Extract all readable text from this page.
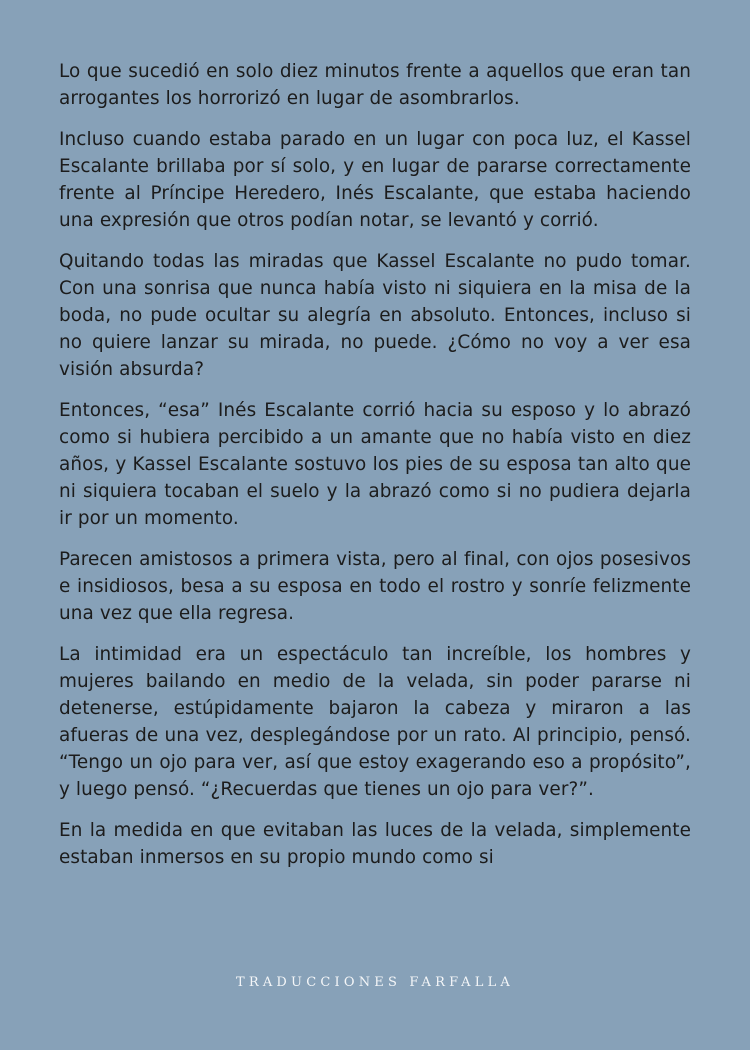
Lo que sucedió en solo diez minutos frente a aquellos que eran tan arrogantes los horrorizó en lugar de asombrarlos.

Incluso cuando estaba parado en un lugar con poca luz, el Kassel Escalante brillaba por sí solo, y en lugar de pararse correctamente frente al Príncipe Heredero, Inés Escalante, que estaba haciendo una expresión que otros podían notar, se levantó y corrió.

Quitando todas las miradas que Kassel Escalante no pudo tomar. Con una sonrisa que nunca había visto ni siquiera en la misa de la boda, no pude ocultar su alegría en absoluto. Entonces, incluso si no quiere lanzar su mirada, no puede. ¿Cómo no voy a ver esa visión absurda?

Entonces, “esa” Inés Escalante corrió hacia su esposo y lo abrazó como si hubiera percibido a un amante que no había visto en diez años, y Kassel Escalante sostuvo los pies de su esposa tan alto que ni siquiera tocaban el suelo y la abrazó como si no pudiera dejarla ir por un momento.

Parecen amistosos a primera vista, pero al final, con ojos posesivos e insidiosos, besa a su esposa en todo el rostro y sonríe felizmente una vez que ella regresa.

La intimidad era un espectáculo tan increíble, los hombres y mujeres bailando en medio de la velada, sin poder pararse ni detenerse, estúpidamente bajaron la cabeza y miraron a las afueras de una vez, desplegándose por un rato. Al principio, pensó. “Tengo un ojo para ver, así que estoy exagerando eso a propósito”, y luego pensó. “¿Recuerdas que tienes un ojo para ver?”.

En la medida en que evitaban las luces de la velada, simplemente estaban inmersos en su propio mundo como si

TRADUCCIONES FARFALLA
